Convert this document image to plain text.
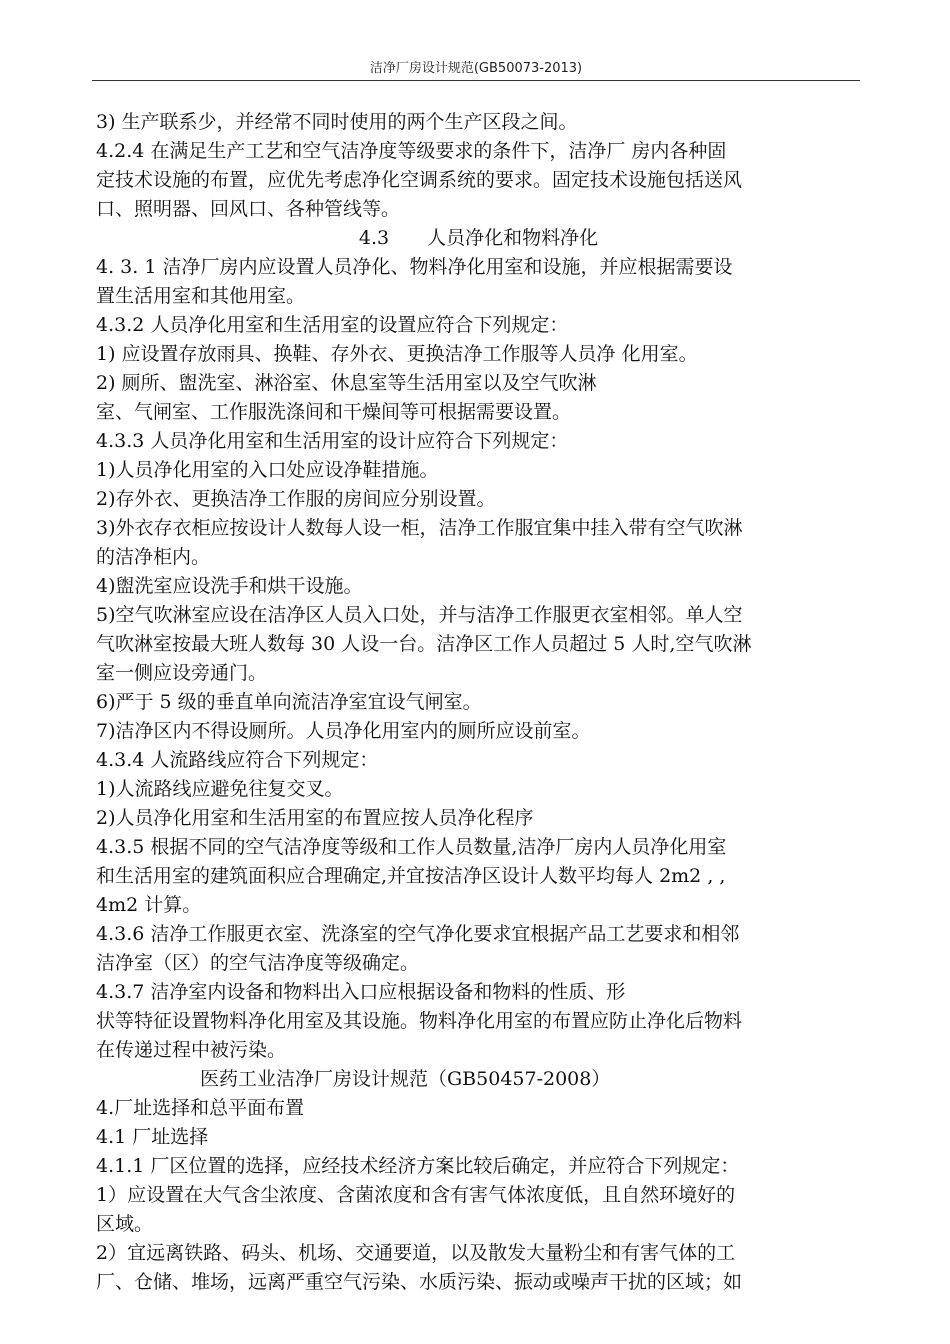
洁净厂房设计规范(GB50073-2013)
3) 生产联系少，并经常不同时使用的两个生产区段之间。
4.2.4 在满足生产工艺和空气洁净度等级要求的条件下，洁净厂 房内各种固
定技术设施的布置，应优先考虑净化空调系统的要求。固定技术设施包括送风
口、照明器、回风口、各种管线等。
4.3　　人员净化和物料净化
4. 3. 1 洁净厂房内应设置人员净化、物料净化用室和设施，并应根据需要设
置生活用室和其他用室。
4.3.2 人员净化用室和生活用室的设置应符合下列规定：
1) 应设置存放雨具、换鞋、存外衣、更换洁净工作服等人员净 化用室。
2) 厕所、盥洗室、淋浴室、休息室等生活用室以及空气吹淋
室、气闸室、工作服洗涤间和干燥间等可根据需要设置。
4.3.3 人员净化用室和生活用室的设计应符合下列规定：
1)人员净化用室的入口处应设净鞋措施。
2)存外衣、更换洁净工作服的房间应分别设置。
3)外衣存衣柜应按设计人数每人设一柜，洁净工作服宜集中挂入带有空气吹淋
的洁净柜内。
4)盥洗室应设洗手和烘干设施。
5)空气吹淋室应设在洁净区人员入口处，并与洁净工作服更衣室相邻。单人空
气吹淋室按最大班人数每 30 人设一台。洁净区工作人员超过 5 人时,空气吹淋
室一侧应设旁通门。
6)严于 5 级的垂直单向流洁净室宜设气闸室。
7)洁净区内不得设厕所。人员净化用室内的厕所应设前室。
4.3.4 人流路线应符合下列规定：
1)人流路线应避免往复交叉。
2)人员净化用室和生活用室的布置应按人员净化程序
4.3.5 根据不同的空气洁净度等级和工作人员数量,洁净厂房内人员净化用室
和生活用室的建筑面积应合理确定,并宜按洁净区设计人数平均每人 2m2 , ,
4m2 计算。
4.3.6 洁净工作服更衣室、洗涤室的空气净化要求宜根据产品工艺要求和相邻
洁净室（区）的空气洁净度等级确定。
4.3.7 洁净室内设备和物料出入口应根据设备和物料的性质、形
状等特征设置物料净化用室及其设施。物料净化用室的布置应防止净化后物料
在传递过程中被污染。
医药工业洁净厂房设计规范（GB50457-2008）
4.厂址选择和总平面布置
4.1 厂址选择
4.1.1 厂区位置的选择，应经技术经济方案比较后确定，并应符合下列规定：
1）应设置在大气含尘浓度、含菌浓度和含有害气体浓度低，且自然环境好的
区域。
2）宜远离铁路、码头、机场、交通要道，以及散发大量粉尘和有害气体的工
厂、仓储、堆场，远离严重空气污染、水质污染、振动或噪声干扰的区域；如
